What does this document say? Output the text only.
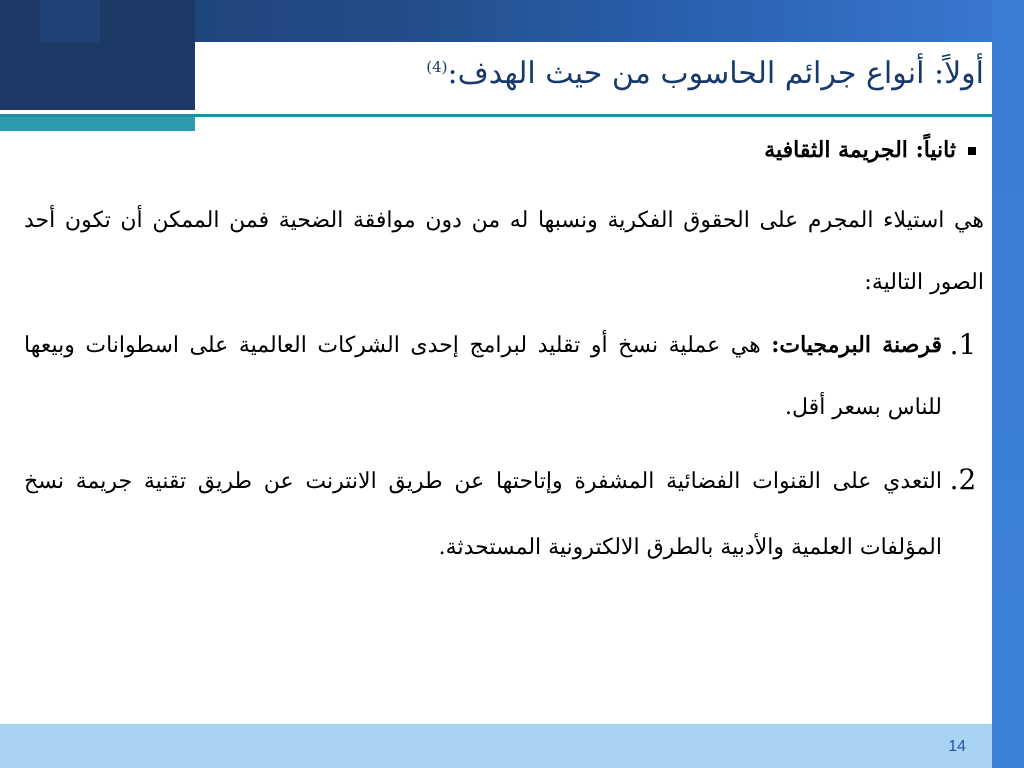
أولاً: أنواع جرائم الحاسوب من حيث الهدف:$^{(4)}$

ثانياً: الجريمة الثقافية

هي استيلاء المجرم على الحقوق الفكرية ونسبها له من دون موافقة الضحية فمن الممكن أن تكون أحد الصور التالية:

1.
قرصنة البرمجيات: هي عملية نسخ أو تقليد لبرامج إحدى الشركات العالمية على اسطوانات وبيعها للناس بسعر أقل.
2.
التعدي على القنوات الفضائية المشفرة وإتاحتها عن طريق الانترنت عن طريق تقنية جريمة نسخ المؤلفات العلمية والأدبية بالطرق الالكترونية المستحدثة.
14
